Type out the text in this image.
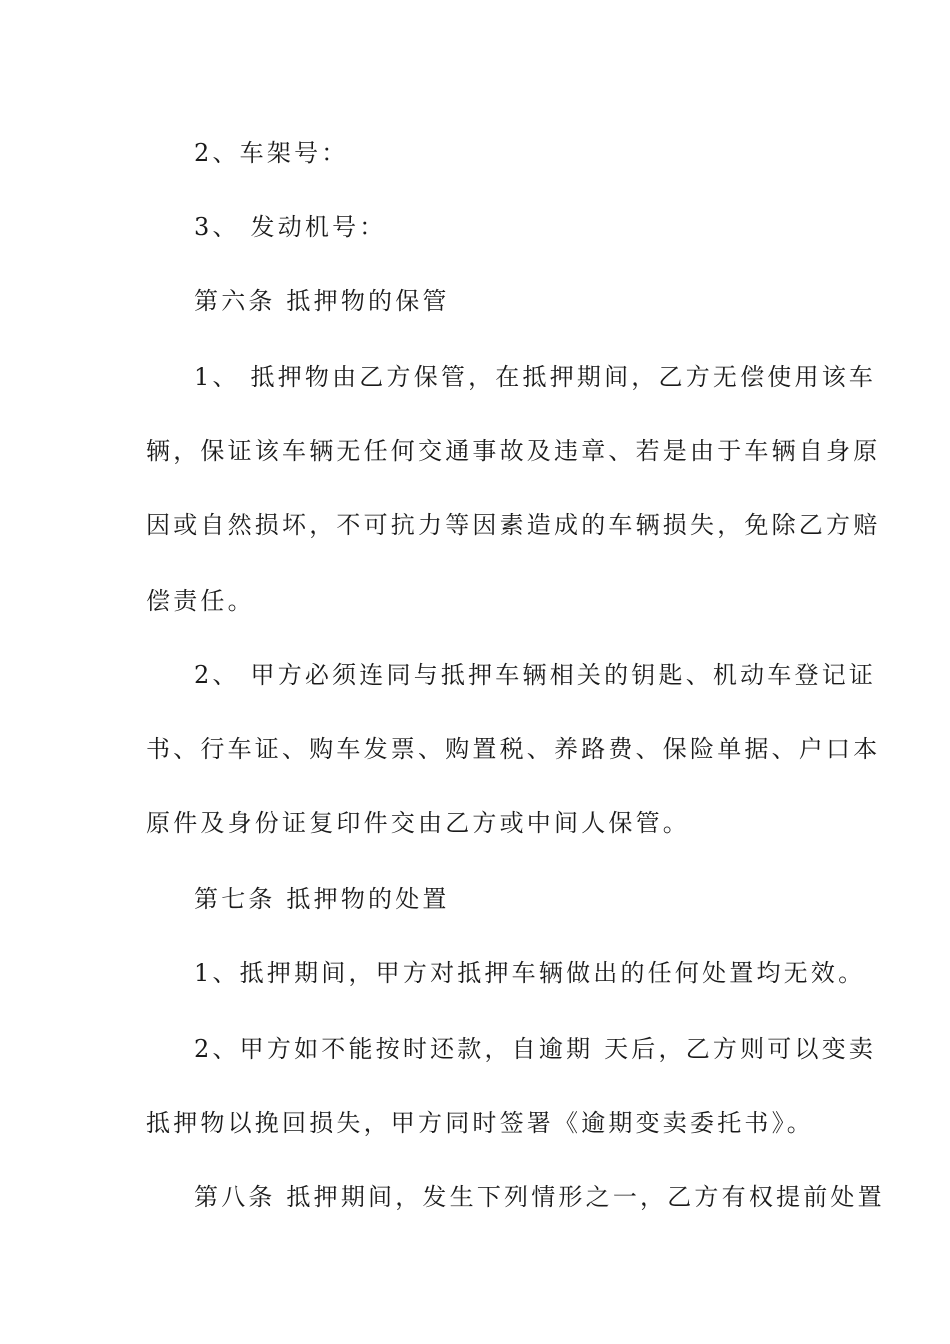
2、车架号：
3、 发动机号：
第六条 抵押物的保管
1、 抵押物由乙方保管，在抵押期间，乙方无偿使用该车
辆，保证该车辆无任何交通事故及违章、若是由于车辆自身原
因或自然损坏，不可抗力等因素造成的车辆损失，免除乙方赔
偿责任。
2、 甲方必须连同与抵押车辆相关的钥匙、机动车登记证
书、行车证、购车发票、购置税、养路费、保险单据、户口本
原件及身份证复印件交由乙方或中间人保管。
第七条 抵押物的处置
1、抵押期间，甲方对抵押车辆做出的任何处置均无效。
2、甲方如不能按时还款，自逾期 天后，乙方则可以变卖
抵押物以挽回损失，甲方同时签署《逾期变卖委托书》。
第八条 抵押期间，发生下列情形之一，乙方有权提前处置
